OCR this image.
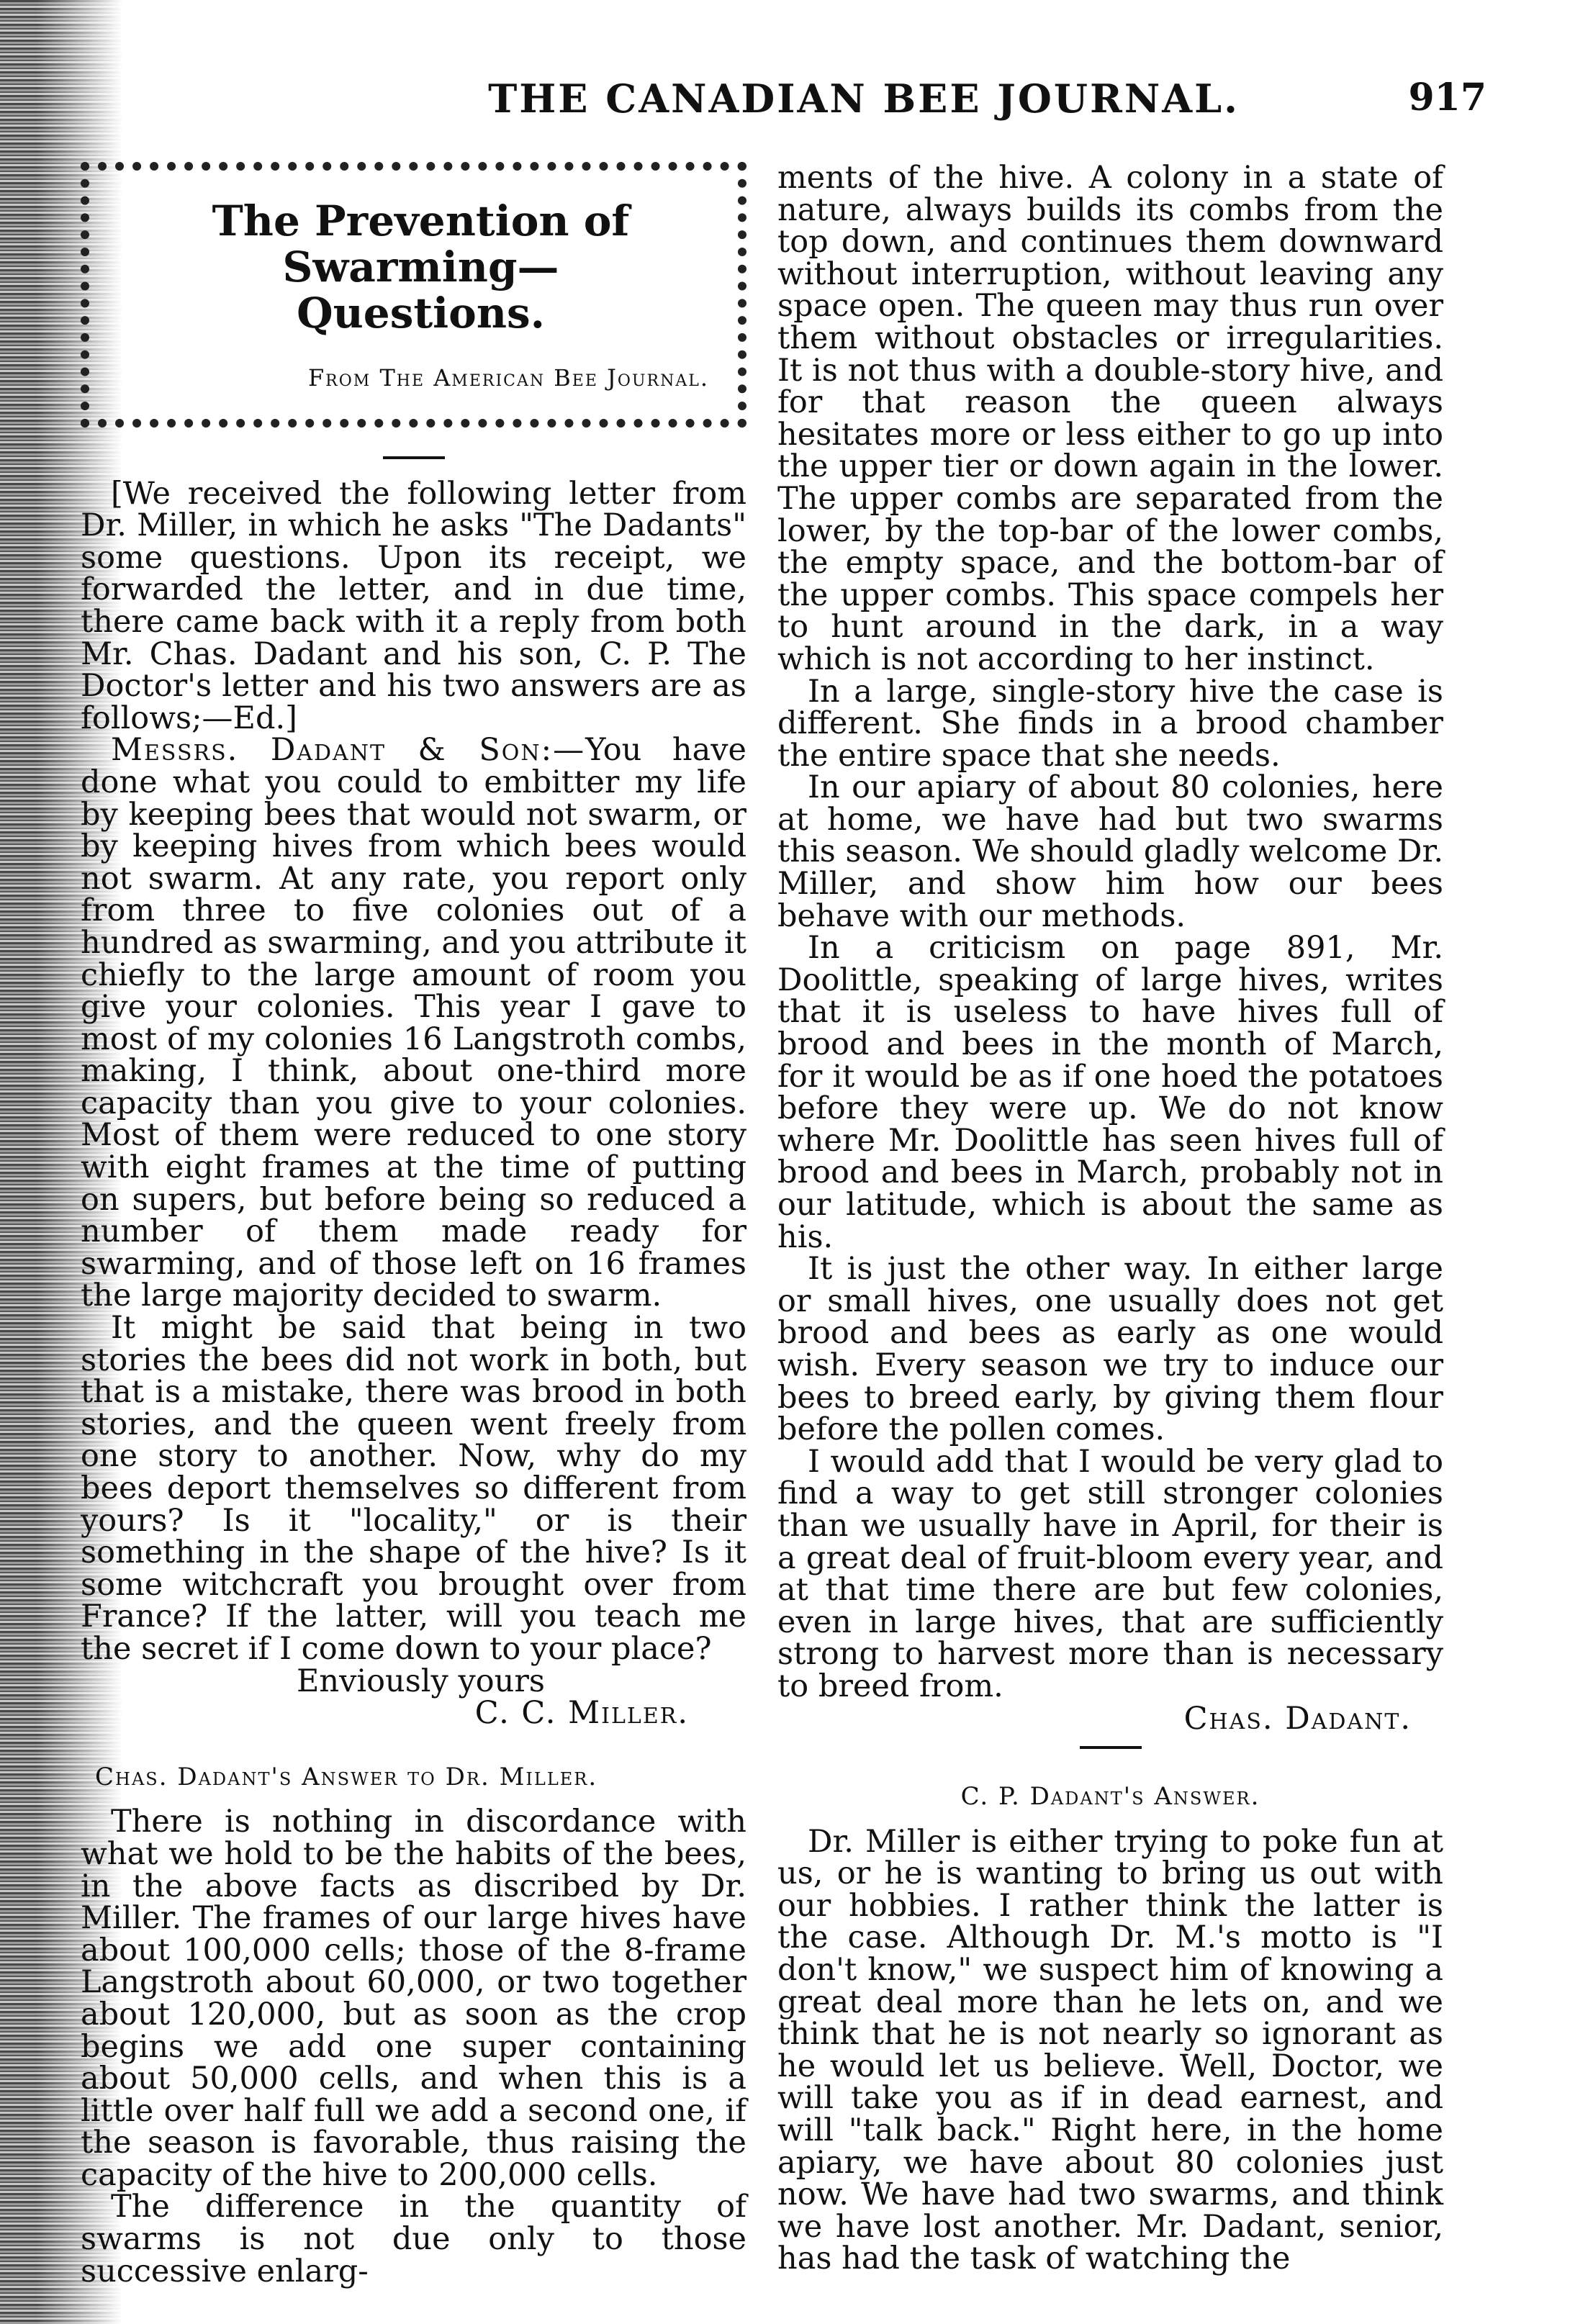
THE CANADIAN BEE JOURNAL.	917
The Prevention of Swarming—
Questions.
From The American Bee Journal.

[We received the following letter from Dr. Miller, in which he asks "The Dadants" some questions. Upon its receipt, we forwarded the letter, and in due time, there came back with it a reply from both Mr. Chas. Dadant and his son, C. P. The Doctor's letter and his two answers are as follows;—Ed.]

Messrs. Dadant & Son:—You have done what you could to embitter my life by keeping bees that would not swarm, or by keeping hives from which bees would not swarm. At any rate, you report only from three to five colonies out of a hundred as swarming, and you attribute it chiefly to the large amount of room you give your colonies. This year I gave to most of my colonies 16 Langstroth combs, making, I think, about one-third more capacity than you give to your colonies. Most of them were reduced to one story with eight frames at the time of putting on supers, but before being so reduced a number of them made ready for swarming, and of those left on 16 frames the large majority decided to swarm.

It might be said that being in two stories the bees did not work in both, but that is a mistake, there was brood in both stories, and the queen went freely from one story to another. Now, why do my bees deport themselves so different from yours? Is it "locality," or is their something in the shape of the hive? Is it some witchcraft you brought over from France? If the latter, will you teach me the secret if I come down to your place?

Enviously yours

C. C. Miller.

Chas. Dadant's Answer to Dr. Miller.

There is nothing in discordance with what we hold to be the habits of the bees, in the above facts as discribed by Dr. Miller. The frames of our large hives have about 100,000 cells; those of the 8-frame Langstroth about 60,000, or two together about 120,000, but as soon as the crop begins we add one super containing about 50,000 cells, and when this is a little over half full we add a second one, if the season is favorable, thus raising the capacity of the hive to 200,000 cells.

The difference in the quantity of swarms is not due only to those successive enlarg-

ments of the hive. A colony in a state of nature, always builds its combs from the top down, and continues them downward without interruption, without leaving any space open. The queen may thus run over them without obstacles or irregularities. It is not thus with a double-story hive, and for that reason the queen always hesitates more or less either to go up into the upper tier or down again in the lower. The upper combs are separated from the lower, by the top-bar of the lower combs, the empty space, and the bottom-bar of the upper combs. This space compels her to hunt around in the dark, in a way which is not according to her instinct.

In a large, single-story hive the case is different. She finds in a brood chamber the entire space that she needs.

In our apiary of about 80 colonies, here at home, we have had but two swarms this season. We should gladly welcome Dr. Miller, and show him how our bees behave with our methods.

In a criticism on page 891, Mr. Doolittle, speaking of large hives, writes that it is useless to have hives full of brood and bees in the month of March, for it would be as if one hoed the potatoes before they were up. We do not know where Mr. Doolittle has seen hives full of brood and bees in March, probably not in our latitude, which is about the same as his.

It is just the other way. In either large or small hives, one usually does not get brood and bees as early as one would wish. Every season we try to induce our bees to breed early, by giving them flour before the pollen comes.

I would add that I would be very glad to find a way to get still stronger colonies than we usually have in April, for their is a great deal of fruit-bloom every year, and at that time there are but few colonies, even in large hives, that are sufficiently strong to harvest more than is necessary to breed from.

Chas. Dadant.

C. P. Dadant's Answer.

Dr. Miller is either trying to poke fun at us, or he is wanting to bring us out with our hobbies. I rather think the latter is the case. Although Dr. M.'s motto is "I don't know," we suspect him of knowing a great deal more than he lets on, and we think that he is not nearly so ignorant as he would let us believe. Well, Doctor, we will take you as if in dead earnest, and will "talk back." Right here, in the home apiary, we have about 80 colonies just now. We have had two swarms, and think we have lost another. Mr. Dadant, senior, has had the task of watching the
